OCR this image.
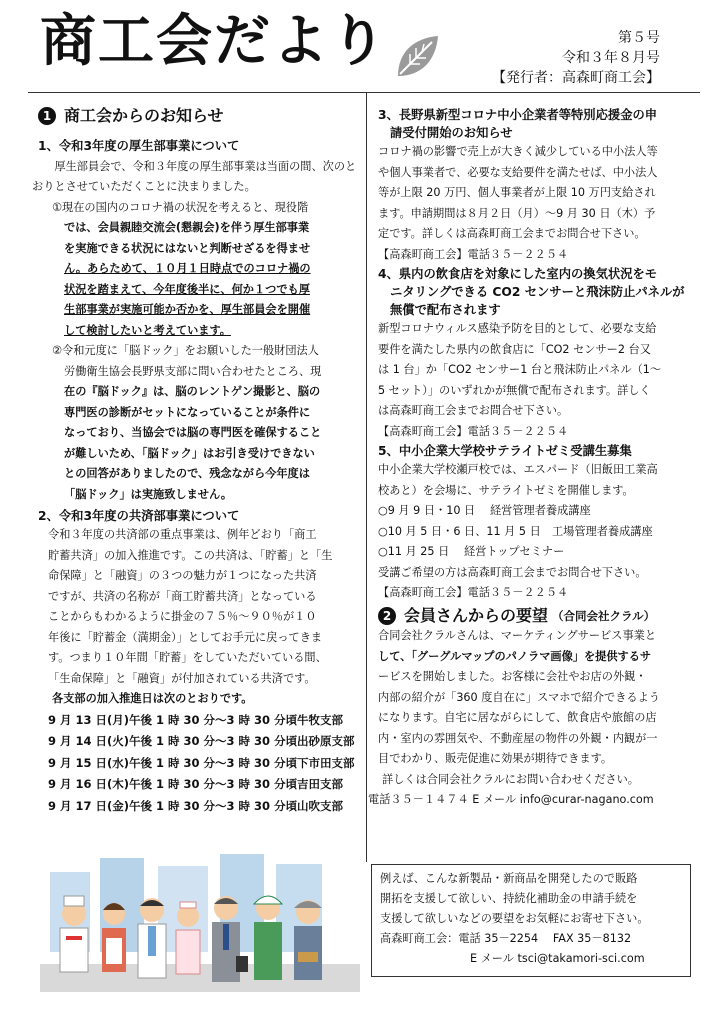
商工会だより	第５号
令和３年８月号
【発行者：高森町商工会】
1 商工会からのお知らせ
1、令和3年度の厚生部事業について

厚生部員会で、令和３年度の厚生部事業は当面の間、次のとおりとさせていただくことに決まりました。

①現在の国内のコロナ禍の状況を考えると、現役階

では、会員親睦交流会(懇親会)を伴う厚生部事業

を実施できる状況にはないと判断せざるを得ませ

ん。あらためて、１０月１日時点でのコロナ禍の

状況を踏まえて、今年度後半に、何か１つでも厚

生部事業が実施可能か否かを、厚生部員会を開催

して検討したいと考えています。

②令和元度に「脳ドック」をお願いした一般財団法人

労働衛生協会長野県支部に問い合わせたところ、現

在の『脳ドック』は、脳のレントゲン撮影と、脳の

専門医の診断がセットになっていることが条件に

なっており、当協会では脳の専門医を確保すること

が難しいため、「脳ドック」はお引き受けできない

との回答がありましたので、残念ながら今年度は

「脳ドック」は実施致しません。

2、令和3年度の共済部事業について

令和３年度の共済部の重点事業は、例年どおり「商工

貯蓄共済」の加入推進です。この共済は、｢貯蓄」と「生

命保障」と「融資」の３つの魅力が１つになった共済

ですが、共済の名称が「商工貯蓄共済」となっている

ことからもわかるように掛金の７５％～９０％が１０

年後に「貯蓄金（満期金）」としてお手元に戻ってきま

す。つまり１０年間「貯蓄」をしていただいている間、

「生命保障」と「融資」が付加されている共済です。

各支部の加入推進日は次のとおりです。

9 月 13 日(月)午後 1 時 30 分～3 時 30 分頃牛牧支部
9 月 14 日(火)午後 1 時 30 分～3 時 30 分頃出砂原支部
9 月 15 日(水)午後 1 時 30 分～3 時 30 分頃下市田支部
9 月 16 日(木)午後 1 時 30 分～3 時 30 分頃吉田支部
9 月 17 日(金)午後 1 時 30 分～3 時 30 分頃山吹支部
3、長野県新型コロナ中小企業者等特別応援金の申
請受付開始のお知らせ

コロナ禍の影響で売上が大きく減少している中小法人等

や個人事業者で、必要な支給要件を満たせば、中小法人

等が上限 20 万円、個人事業者が上限 10 万円支給され

ます。申請期間は８月２日（月）～9 月 30 日（木）予

定です。詳しくは高森町商工会までお問合せ下さい。

【高森町商工会】電話３５－２２５４

4、県内の飲食店を対象にした室内の換気状況をモ
ニタリングできる CO2 センサーと飛沫防止パネルが
無償で配布されます

新型コロナウィルス感染予防を目的として、必要な支給

要件を満たした県内の飲食店に「CO2 センサー2 台又

は 1 台」か「CO2 センサー1 台と飛沫防止パネル（1～

5 セット）」のいずれかが無償で配布されます。詳しく

は高森町商工会までお問合せ下さい。

【高森町商工会】電話３５－２２５４

5、中小企業大学校サテライトゼミ受講生募集

中小企業大学校瀬戸校では、エスパード（旧飯田工業高

校あと）を会場に、サテライトゼミを開催します。

○9 月 9 日・10 日　 経営管理者養成講座

○10 月 5 日・6 日、11 月 5 日　工場管理者養成講座

○11 月 25 日　 経営トップセミナー

受講ご希望の方は高森町商工会までお問合せ下さい。

【高森町商工会】電話３５－２２５４

2 会員さんからの要望 （合同会社クラル）

合同会社クラルさんは、マーケティングサービス事業と

して、「グーグルマップのパノラマ画像」を提供するサ

ービスを開始しました。お客様に会社やお店の外観・

内部の紹介が「360 度自在に」スマホで紹介できるよう

になります。自宅に居ながらにして、飲食店や旅館の店

内・室内の雰囲気や、不動産屋の物件の外観・内観が一

目でわかり、販売促進に効果が期待できます。

詳しくは合同会社クラルにお問い合わせください。

電話３５－１４７４ E メール info@curar-nagano.com

例えば、こんな新製品・新商品を開発したので販路

開拓を支援して欲しい、持続化補助金の申請手続を

支援して欲しいなどの要望をお気軽にお寄せ下さい。

高森町商工会：電話 35－2254　 FAX 35－8132

E メール tsci@takamori-sci.com
